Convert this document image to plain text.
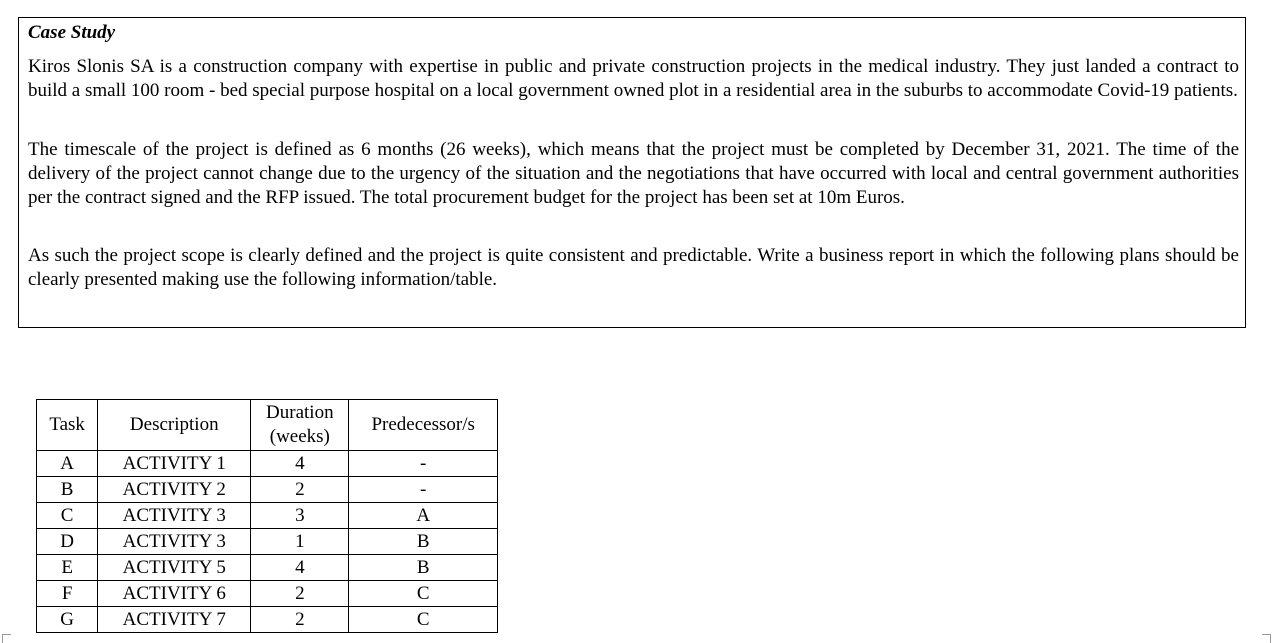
Case Study

Kiros Slonis SA is a construction company with expertise in public and private construction projects in the medical industry. They just landed a contract to build a small 100 room - bed special purpose hospital on a local government owned plot in a residential area in the suburbs to accommodate Covid-19 patients.

The timescale of the project is defined as 6 months (26 weeks), which means that the project must be completed by December 31, 2021. The time of the delivery of the project cannot change due to the urgency of the situation and the negotiations that have occurred with local and central government authorities per the contract signed and the RFP issued. The total procurement budget for the project has been set at 10m Euros.

As such the project scope is clearly defined and the project is quite consistent and predictable. Write a business report in which the following plans should be clearly presented making use the following information/table.

Task	Description	Duration (weeks)	Predecessor/s
A	ACTIVITY 1	4	-
B	ACTIVITY 2	2	-
C	ACTIVITY 3	3	A
D	ACTIVITY 3	1	B
E	ACTIVITY 5	4	B
F	ACTIVITY 6	2	C
G	ACTIVITY 7	2	C
